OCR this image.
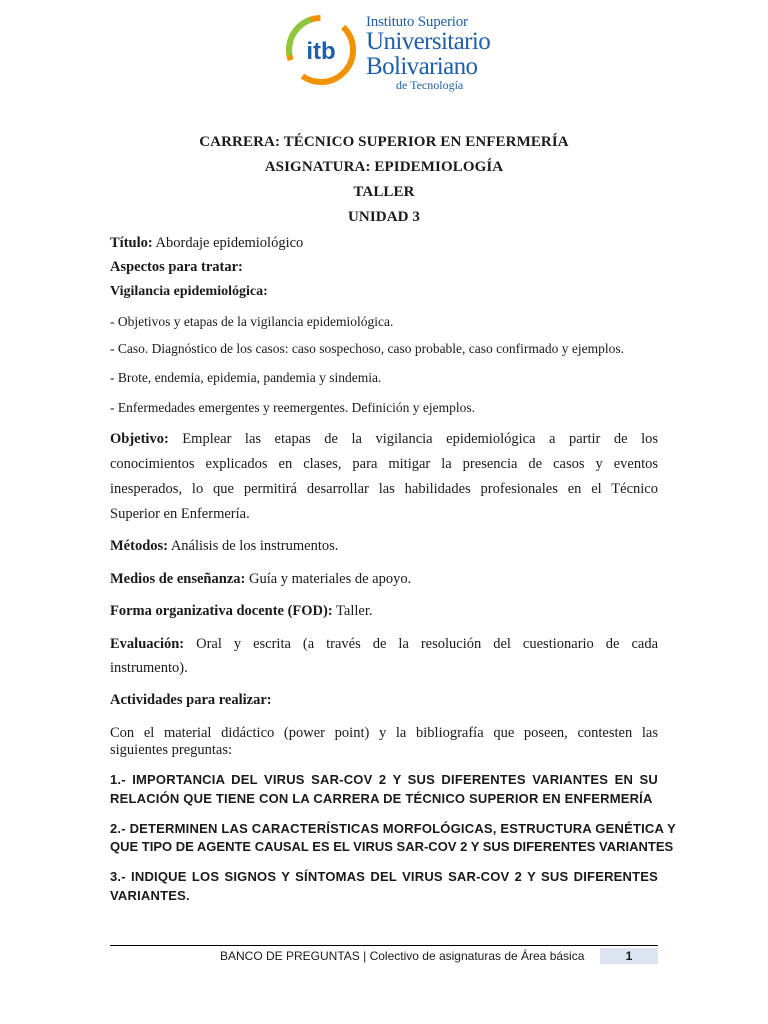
itb
Instituto Superior
Universitario
Bolivariano
de Tecnología
CARRERA: TÉCNICO SUPERIOR EN ENFERMERÍA
ASIGNATURA: EPIDEMIOLOGÍA
TALLER
UNIDAD 3
Título: Abordaje epidemiológico
Aspectos para tratar:
Vigilancia epidemiológica:
- Objetivos y etapas de la vigilancia epidemiológica.
- Caso. Diagnóstico de los casos: caso sospechoso, caso probable, caso confirmado y ejemplos.
- Brote, endemia, epidemia, pandemia y sindemia.
- Enfermedades emergentes y reemergentes. Definición y ejemplos.
Objetivo: Emplear las etapas de la vigilancia epidemiológica a partir de los
conocimientos explicados en clases, para mitigar la presencia de casos y eventos
inesperados, lo que permitirá desarrollar las habilidades profesionales en el Técnico
Superior en Enfermería.
Métodos: Análisis de los instrumentos.
Medios de enseñanza: Guía y materiales de apoyo.
Forma organizativa docente (FOD): Taller.
Evaluación: Oral y escrita (a través de la resolución del cuestionario de cada
instrumento).
Actividades para realizar:
Con el material didáctico (power point) y la bibliografía que poseen, contesten las
siguientes preguntas:
1.- IMPORTANCIA DEL VIRUS SAR-COV 2 Y SUS DIFERENTES VARIANTES EN SU
RELACIÓN QUE TIENE CON LA CARRERA DE TÉCNICO SUPERIOR EN ENFERMERÍA
2.- DETERMINEN LAS CARACTERÍSTICAS MORFOLÓGICAS, ESTRUCTURA GENÉTICA Y
QUE TIPO DE AGENTE CAUSAL ES EL VIRUS SAR-COV 2 Y SUS DIFERENTES VARIANTES
3.- INDIQUE LOS SIGNOS Y SÍNTOMAS DEL VIRUS SAR-COV 2 Y SUS DIFERENTES
VARIANTES.
BANCO DE PREGUNTAS | Colectivo de asignaturas de Área básica	1
